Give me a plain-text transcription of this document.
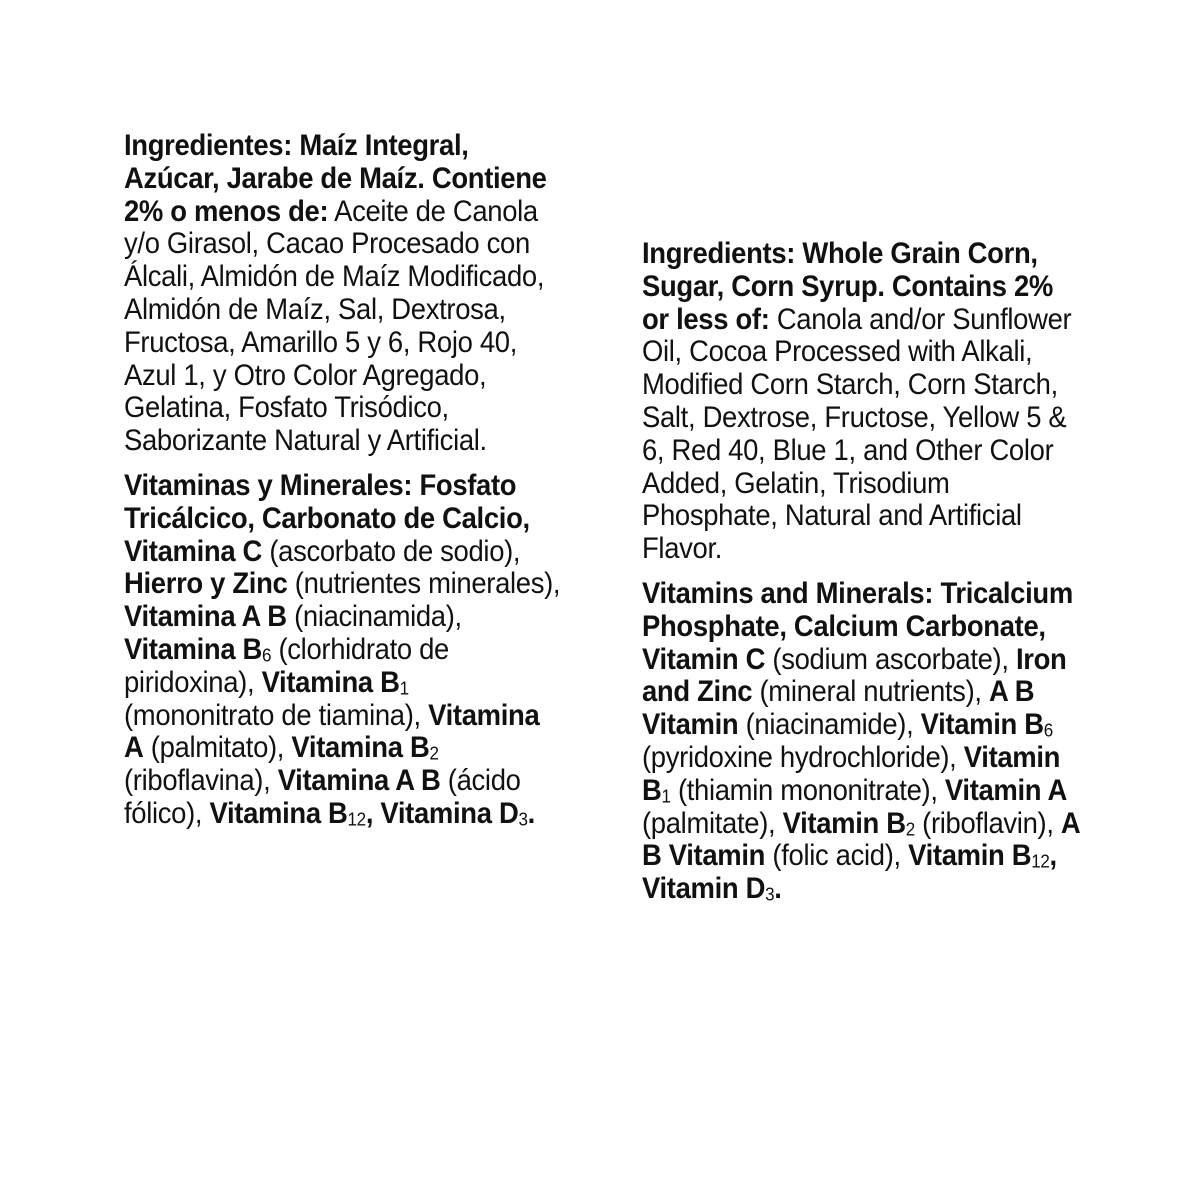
Ingredientes: Maíz Integral, Azúcar, Jarabe de Maíz. Contiene 2% o menos de: Aceite de Canola y/o Girasol, Cacao Procesado con Álcali, Almidón de Maíz Modificado, Almidón de Maíz, Sal, Dextrosa, Fructosa, Amarillo 5 y 6, Rojo 40, Azul 1, y Otro Color Agregado, Gelatina, Fosfato Trisódico, Saborizante Natural y Artificial.

Vitaminas y Minerales: Fosfato Tricálcico, Carbonato de Calcio, Vitamina C (ascorbato de sodio), Hierro y Zinc (nutrientes minerales), Vitamina A B (niacinamida), Vitamina $B_6$ (clorhidrato de piridoxina), Vitamina $B_1$ (mononitrato de tiamina), Vitamina A (palmitato), Vitamina $B_2$ (riboflavina), Vitamina A B (ácido fólico), Vitamina $B_{12}$, Vitamina $D_3$.

Ingredients: Whole Grain Corn, Sugar, Corn Syrup. Contains 2% or less of: Canola and/or Sunflower Oil, Cocoa Processed with Alkali, Modified Corn Starch, Corn Starch, Salt, Dextrose, Fructose, Yellow 5 & 6, Red 40, Blue 1, and Other Color Added, Gelatin, Trisodium Phosphate, Natural and Artificial Flavor.

Vitamins and Minerals: Tricalcium Phosphate, Calcium Carbonate, Vitamin C (sodium ascorbate), Iron and Zinc (mineral nutrients), A B Vitamin (niacinamide), Vitamin $B_6$ (pyridoxine hydrochloride), Vitamin $B_1$ (thiamin mononitrate), Vitamin A (palmitate), Vitamin $B_2$ (riboflavin), A B Vitamin (folic acid), Vitamin $B_{12}$, Vitamin $D_3$.
